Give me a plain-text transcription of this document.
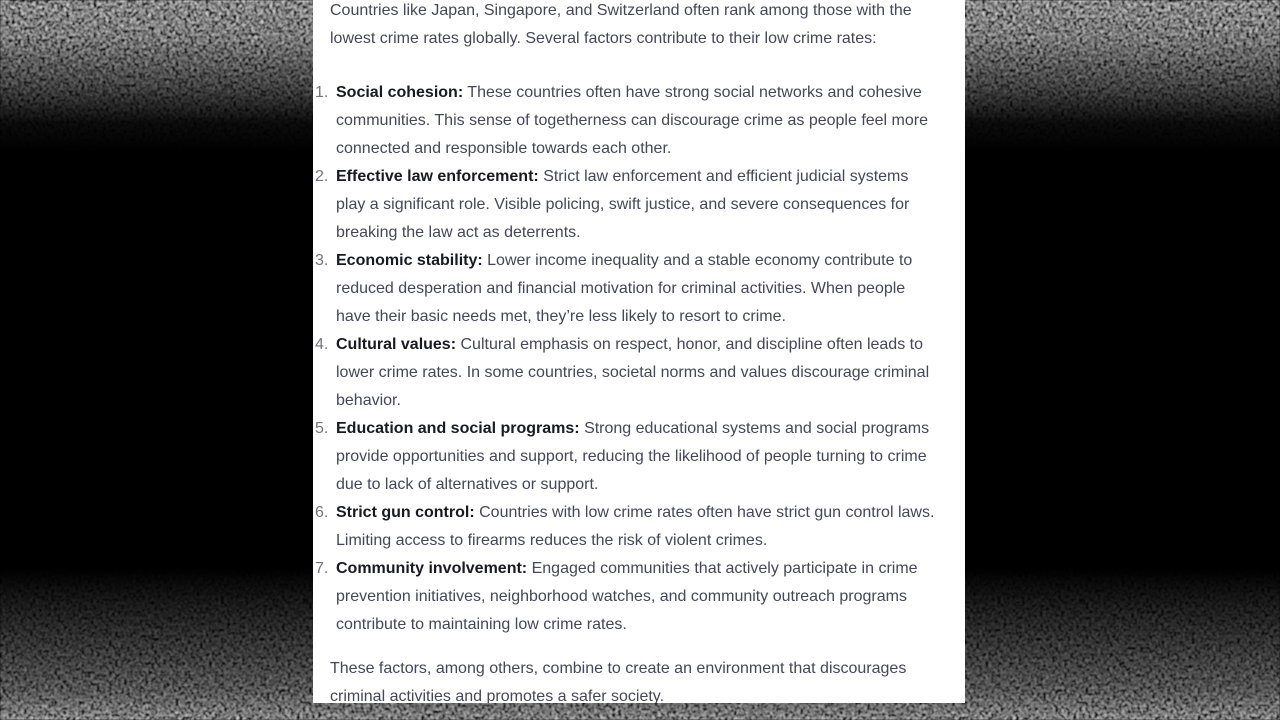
Countries like Japan, Singapore, and Switzerland often rank among those with the lowest crime rates globally. Several factors contribute to their low crime rates:

1. Social cohesion: These countries often have strong social networks and cohesive communities. This sense of togetherness can discourage crime as people feel more connected and responsible towards each other.
2. Effective law enforcement: Strict law enforcement and efficient judicial systems play a significant role. Visible policing, swift justice, and severe consequences for breaking the law act as deterrents.
3. Economic stability: Lower income inequality and a stable economy contribute to reduced desperation and financial motivation for criminal activities. When people have their basic needs met, they’re less likely to resort to crime.
4. Cultural values: Cultural emphasis on respect, honor, and discipline often leads to lower crime rates. In some countries, societal norms and values discourage criminal behavior.
5. Education and social programs: Strong educational systems and social programs provide opportunities and support, reducing the likelihood of people turning to crime due to lack of alternatives or support.
6. Strict gun control: Countries with low crime rates often have strict gun control laws. Limiting access to firearms reduces the risk of violent crimes.
7. Community involvement: Engaged communities that actively participate in crime prevention initiatives, neighborhood watches, and community outreach programs contribute to maintaining low crime rates.

These factors, among others, combine to create an environment that discourages criminal activities and promotes a safer society.
